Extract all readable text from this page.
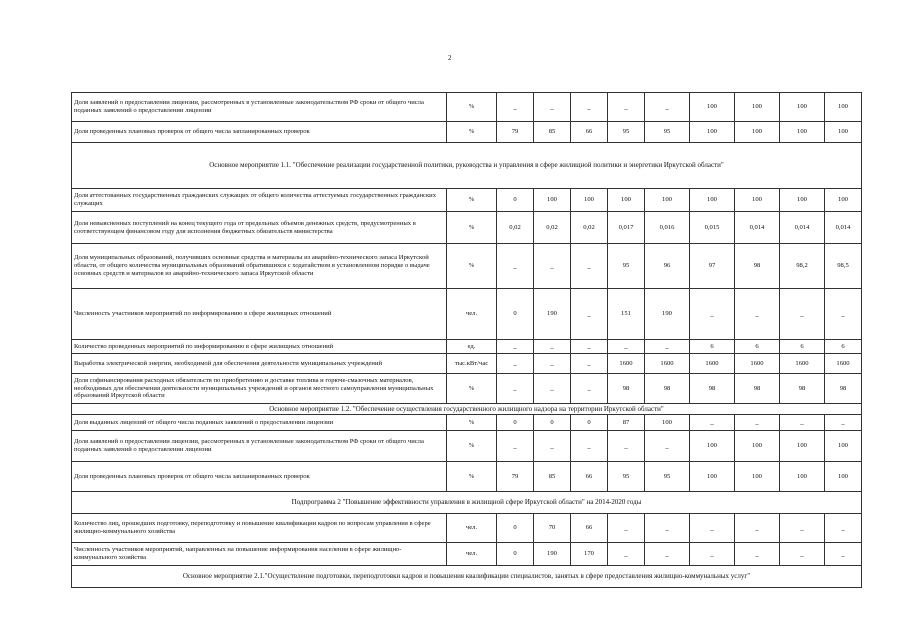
2
Доля заявлений о предоставлении лицензии, рассмотренных в установленные законодательством РФ сроки от общего числа поданных заявлений о предоставлении лицензии	%	_	_	_	_	_	100	100	100	100
Доля проведенных плановых проверок от общего числа запланированных проверок	%	79	85	66	95	95	100	100	100	100
Основное мероприятие 1.1. "Обеспечение реализации государственной политики, руководства и управления в сфере жилищной политики и энергетики Иркутской области"										
Доля аттестованных государственных гражданских служащих от общего количества аттестуемых государственных гражданских служащих	%	0	100	100	100	100	100	100	100	100
Доля невыясненных поступлений на конец текущего года от предельных объемов денежных средств, предусмотренных в соответствующем финансовом году для исполнения бюджетных обязательств министерства	%	0,02	0,02	0,02	0,017	0,016	0,015	0,014	0,014	0,014
Доля муниципальных образований, получивших основные средства и материалы из аварийно-технического запаса Иркутской области, от общего количества муниципальных образований обратившихся с ходатайством в установленном порядке о выдаче основных средств и материалов из аварийно-технического запаса Иркутской области	%	_	_	_	95	96	97	98	98,2	98,5
Численность участников мероприятий по информированию в сфере жилищных отношений	чел.	0	190	_	151	190	_	_	_	_
Количество проведенных мероприятий по информированию в сфере жилищных отношений	ед.	_	_	_	_	_	6	6	6	6
Выработка электрической энергии, необходимой для обеспечения деятельности муниципальных учреждений	тыс.кВт/час	_	_	_	1600	1600	1600	1600	1600	1600
Доля софинансирования расходных обязательств по приобретению и доставке топлива и горюче-смазочных материалов, необходимых для обеспечения деятельности муниципальных учреждений и органов местного самоуправления муниципальных образований Иркутской области	%	_	_	_	98	98	98	98	98	98
Основное мероприятие 1.2. "Обеспечение осуществления государственного жилищного надзора на территории Иркутской области"										
Доля выданных лицензий от общего числа поданных заявлений о предоставлении лицензии	%	0	0	0	87	100	_	_	_	_
Доля заявлений о предоставлении лицензии, рассмотренных в установленные законодательством РФ сроки от общего числа поданных заявлений о предоставлении лицензии	%	_	_	_	_	_	100	100	100	100
Доля проведенных плановых проверок от общего числа запланированных проверок	%	79	85	66	95	95	100	100	100	100
Подпрограмма 2 "Повышение эффективности управления в жилищной сфере Иркутской области" на 2014-2020 годы										
Количество лиц, прошедших подготовку, переподготовку и повышение квалификации кадров по вопросам управления в сфере жилищно-коммунального хозяйства	чел.	0	70	66	_	_	_	_	_	_
Численность участников мероприятий, направленных на повышение информирования населения в сфере жилищно-коммунального хозяйства	чел.	0	190	170	_	_	_	_	_	_
Основное мероприятие 2.1."Осуществление подготовки, переподготовки кадров и повышения квалификации специалистов, занятых в сфере предоставления жилищно-коммунальных услуг"										
